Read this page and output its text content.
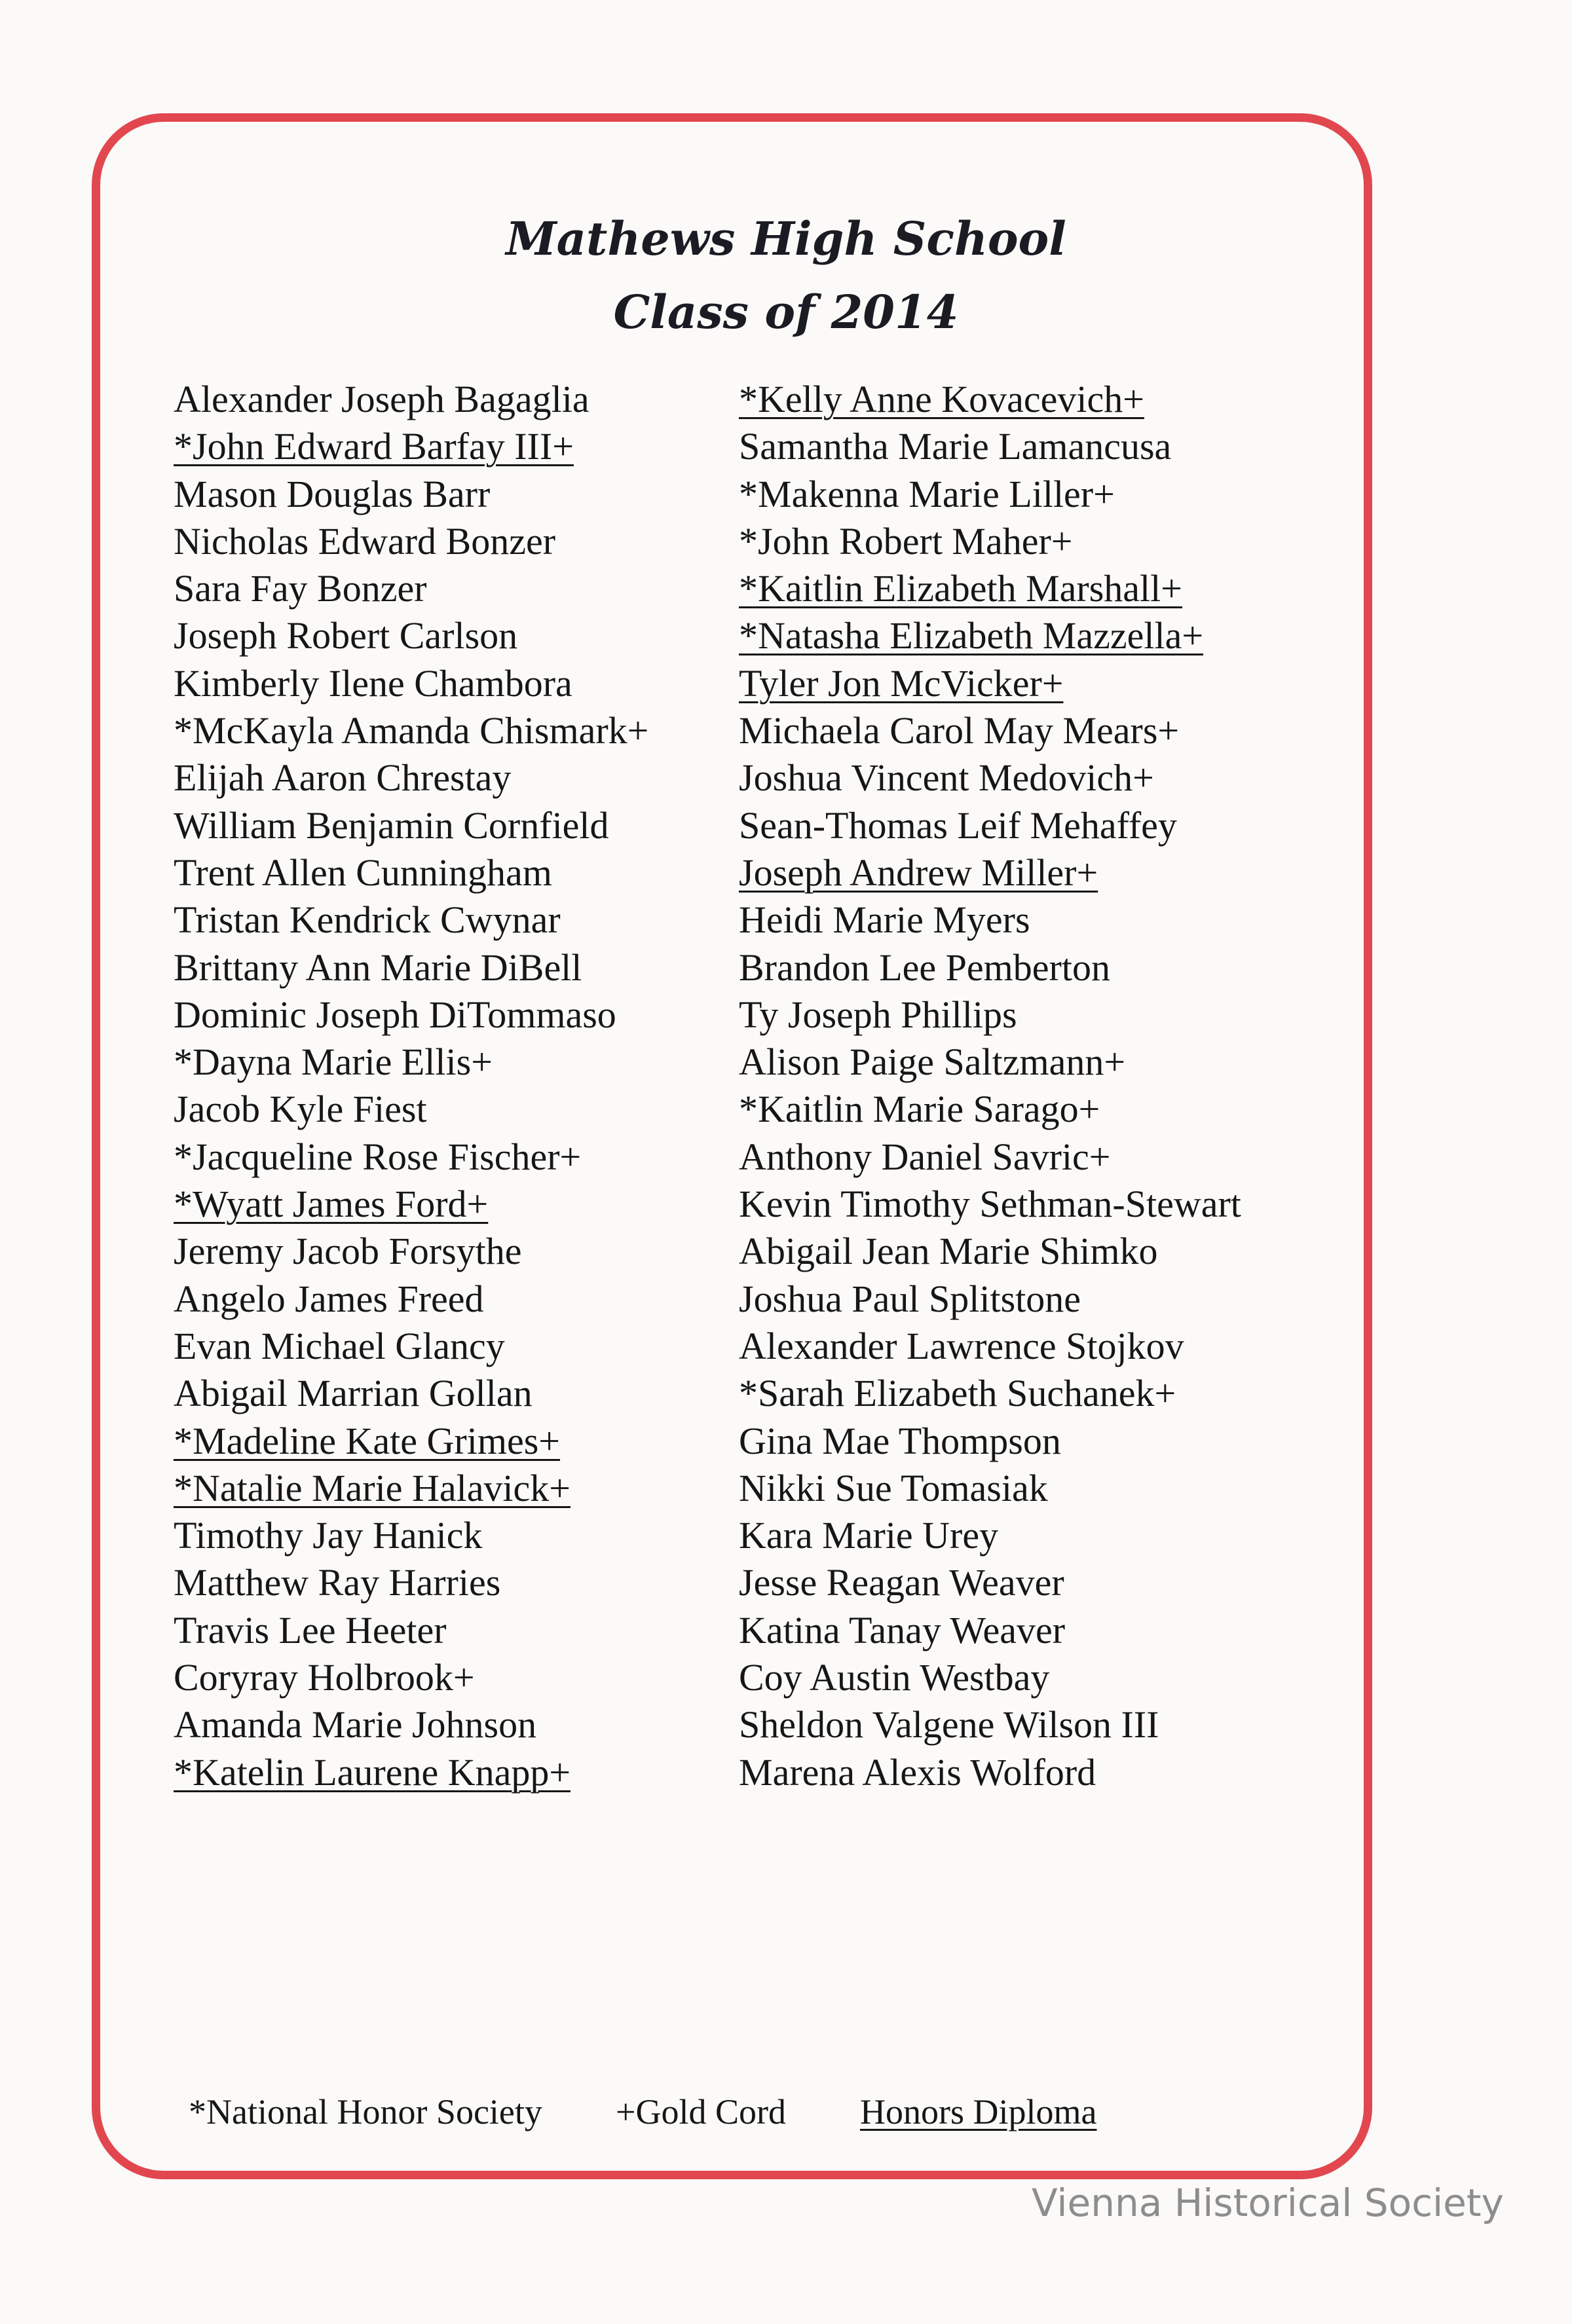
Mathews High School
Class of 2014
Alexander Joseph Bagaglia
*John Edward Barfay III+
Mason Douglas Barr
Nicholas Edward Bonzer
Sara Fay Bonzer
Joseph Robert Carlson
Kimberly Ilene Chambora
*McKayla Amanda Chismark+
Elijah Aaron Chrestay
William Benjamin Cornfield
Trent Allen Cunningham
Tristan Kendrick Cwynar
Brittany Ann Marie DiBell
Dominic Joseph DiTommaso
*Dayna Marie Ellis+
Jacob Kyle Fiest
*Jacqueline Rose Fischer+
*Wyatt James Ford+
Jeremy Jacob Forsythe
Angelo James Freed
Evan Michael Glancy
Abigail Marrian Gollan
*Madeline Kate Grimes+
*Natalie Marie Halavick+
Timothy Jay Hanick
Matthew Ray Harries
Travis Lee Heeter
Coryray Holbrook+
Amanda Marie Johnson
*Katelin Laurene Knapp+
*Kelly Anne Kovacevich+
Samantha Marie Lamancusa
*Makenna Marie Liller+
*John Robert Maher+
*Kaitlin Elizabeth Marshall+
*Natasha Elizabeth Mazzella+
Tyler Jon McVicker+
Michaela Carol May Mears+
Joshua Vincent Medovich+
Sean-Thomas Leif Mehaffey
Joseph Andrew Miller+
Heidi Marie Myers
Brandon Lee Pemberton
Ty Joseph Phillips
Alison Paige Saltzmann+
*Kaitlin Marie Sarago+
Anthony Daniel Savric+
Kevin Timothy Sethman-Stewart
Abigail Jean Marie Shimko
Joshua Paul Splitstone
Alexander Lawrence Stojkov
*Sarah Elizabeth Suchanek+
Gina Mae Thompson
Nikki Sue Tomasiak
Kara Marie Urey
Jesse Reagan Weaver
Katina Tanay Weaver
Coy Austin Westbay
Sheldon Valgene Wilson III
Marena Alexis Wolford
*National Honor Society +Gold Cord Honors Diploma
Vienna Historical Society
